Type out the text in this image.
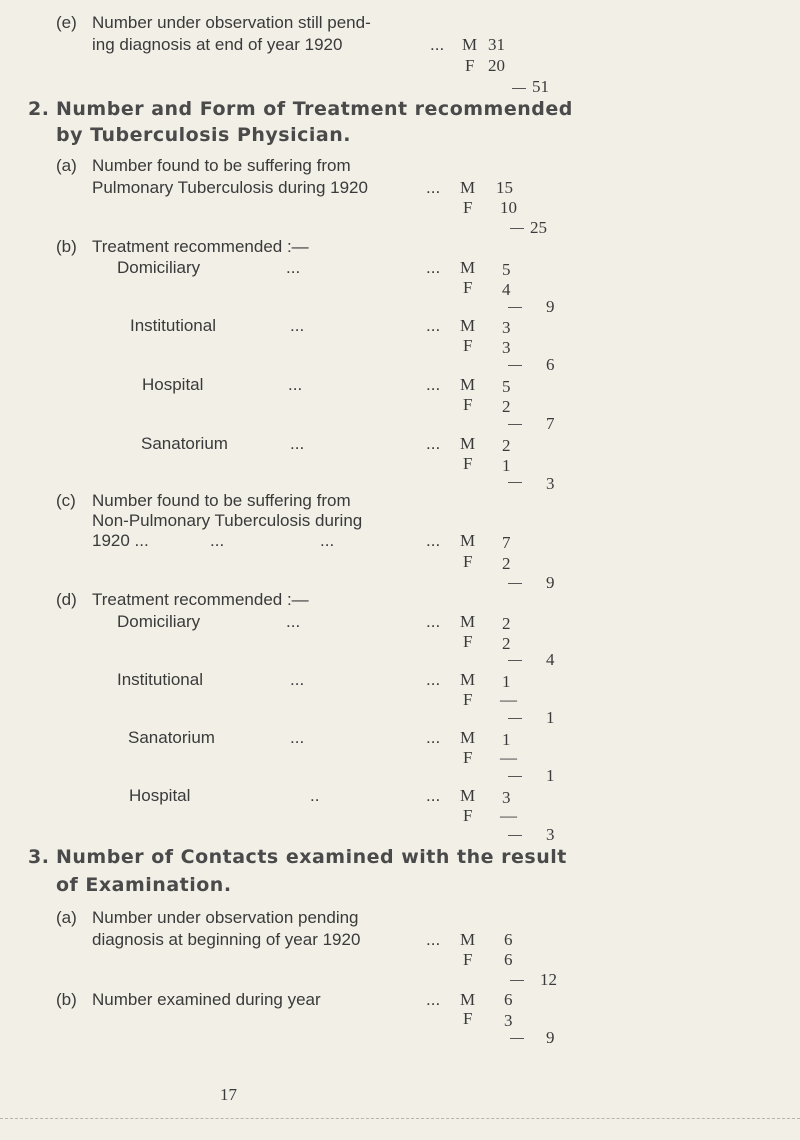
(e) Number under observation still pend-
ing diagnosis at end of year 1920	... M 31
F 20
51
2. Number and Form of Treatment recommended
by Tuberculosis Physician.
(a) Number found to be suffering from
Pulmonary Tuberculosis during 1920	... M 15
F 10
25
(b) Treatment recommended :—
Domiciliary	...	... M 5
F 4
9
Institutional	...	... M 3
F 3
6
Hospital	...	... M 5
F 2
7
Sanatorium	...	... M 2
F 1
3
(c) Number found to be suffering from
Non-Pulmonary Tuberculosis during
1920 ...	...	...	... M 7
F 2
9
(d) Treatment recommended :—
Domiciliary	...	... M 2
F 2
4
Institutional	...	... M 1
F —
1
Sanatorium	...	... M 1
F —
1
Hospital	..	... M 3
F —
3
3. Number of Contacts examined with the result
of Examination.
(a) Number under observation pending
diagnosis at beginning of year 1920	... M 6
F 6
12
(b) Number examined during year	... M 6
F 3
9
17
